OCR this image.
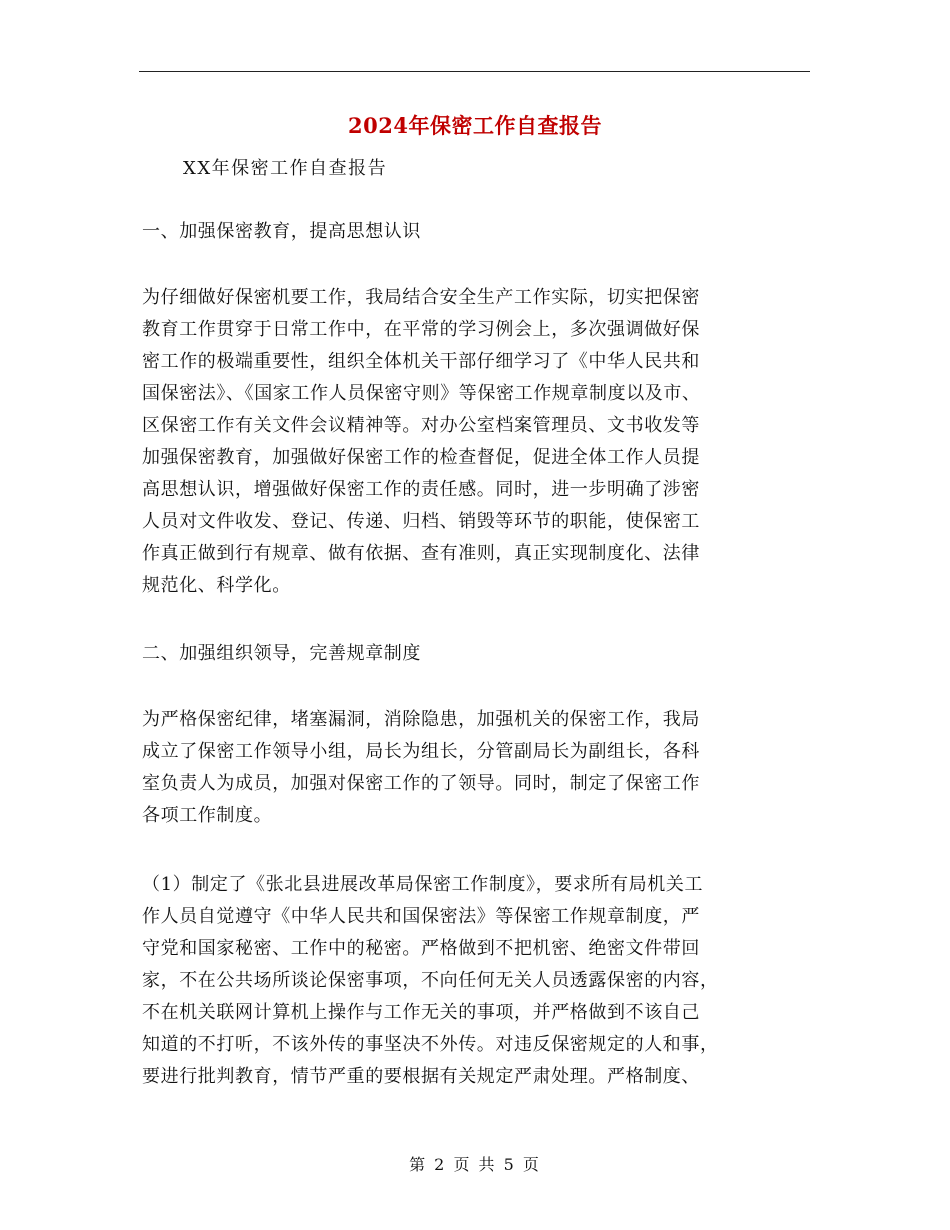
2024年保密工作自查报告
XX年保密工作自查报告
一、加强保密教育，提高思想认识
为仔细做好保密机要工作，我局结合安全生产工作实际，切实把保密
教育工作贯穿于日常工作中，在平常的学习例会上，多次强调做好保
密工作的极端重要性，组织全体机关干部仔细学习了《中华人民共和
国保密法》、《国家工作人员保密守则》等保密工作规章制度以及市、
区保密工作有关文件会议精神等。对办公室档案管理员、文书收发等
加强保密教育，加强做好保密工作的检查督促，促进全体工作人员提
高思想认识，增强做好保密工作的责任感。同时，进一步明确了涉密
人员对文件收发、登记、传递、归档、销毁等环节的职能，使保密工
作真正做到行有规章、做有依据、查有准则，真正实现制度化、法律
规范化、科学化。
二、加强组织领导，完善规章制度
为严格保密纪律，堵塞漏洞，消除隐患，加强机关的保密工作，我局
成立了保密工作领导小组，局长为组长，分管副局长为副组长，各科
室负责人为成员，加强对保密工作的了领导。同时，制定了保密工作
各项工作制度。
（1）制定了《张北县进展改革局保密工作制度》，要求所有局机关工
作人员自觉遵守《中华人民共和国保密法》等保密工作规章制度，严
守党和国家秘密、工作中的秘密。严格做到不把机密、绝密文件带回
家，不在公共场所谈论保密事项，不向任何无关人员透露保密的内容，
不在机关联网计算机上操作与工作无关的事项，并严格做到不该自己
知道的不打听，不该外传的事坚决不外传。对违反保密规定的人和事，
要进行批判教育，情节严重的要根据有关规定严肃处理。严格制度、
第 2 页 共 5 页
